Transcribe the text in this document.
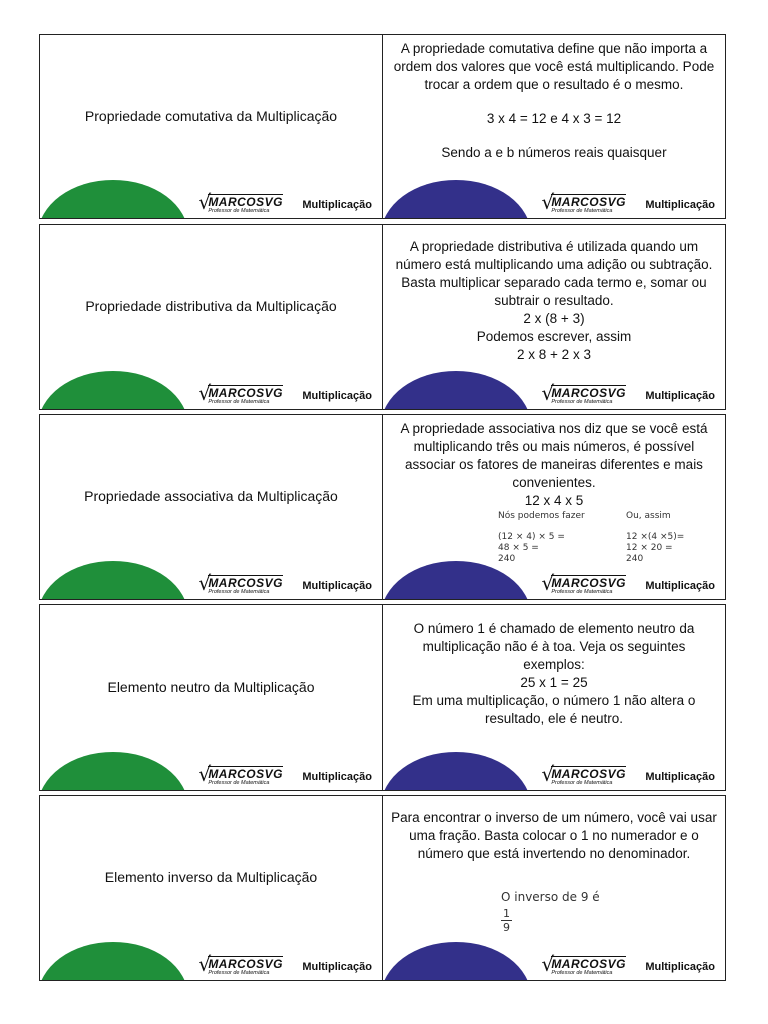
Propriedade comutativa da Multiplicação
√
MARCOSVG
Professor de Matemática	Multiplicação

A propriedade comutativa define que não importa a ordem dos valores que você está multiplicando. Pode trocar a ordem que o resultado é o mesmo.

3 x 4 = 12 e 4 x 3 = 12

Sendo a e b números reais quaisquer

√
MARCOSVG
Professor de Matemática	Multiplicação
Propriedade distributiva da Multiplicação
√
MARCOSVG
Professor de Matemática	Multiplicação

A propriedade distributiva é utilizada quando um número está multiplicando uma adição ou subtração. Basta multiplicar separado cada termo e, somar ou subtrair o resultado.

2 x (8 + 3)

Podemos escrever, assim

2 x 8 + 2 x 3

√
MARCOSVG
Professor de Matemática	Multiplicação
Propriedade associativa da Multiplicação
√
MARCOSVG
Professor de Matemática	Multiplicação

A propriedade associativa nos diz que se você está multiplicando três ou mais números, é possível associar os fatores de maneiras diferentes e mais convenientes.

12 x 4 x 5

Nós podemos fazer
(12 × 4) × 5 =
48 × 5 =
240
Ou, assim
12 ×(4 ×5)=
12 × 20 =
240
√
MARCOSVG
Professor de Matemática	Multiplicação
Elemento neutro da Multiplicação
√
MARCOSVG
Professor de Matemática	Multiplicação

O número 1 é chamado de elemento neutro da multiplicação não é à toa. Veja os seguintes exemplos:

25 x 1 = 25

Em uma multiplicação, o número 1 não altera o resultado, ele é neutro.

√
MARCOSVG
Professor de Matemática	Multiplicação
Elemento inverso da Multiplicação
√
MARCOSVG
Professor de Matemática	Multiplicação

Para encontrar o inverso de um número, você vai usar uma fração. Basta colocar o 1 no numerador e o número que está invertendo no denominador.

O inverso de 9 é
$\frac{1}{9}$
√
MARCOSVG
Professor de Matemática	Multiplicação
